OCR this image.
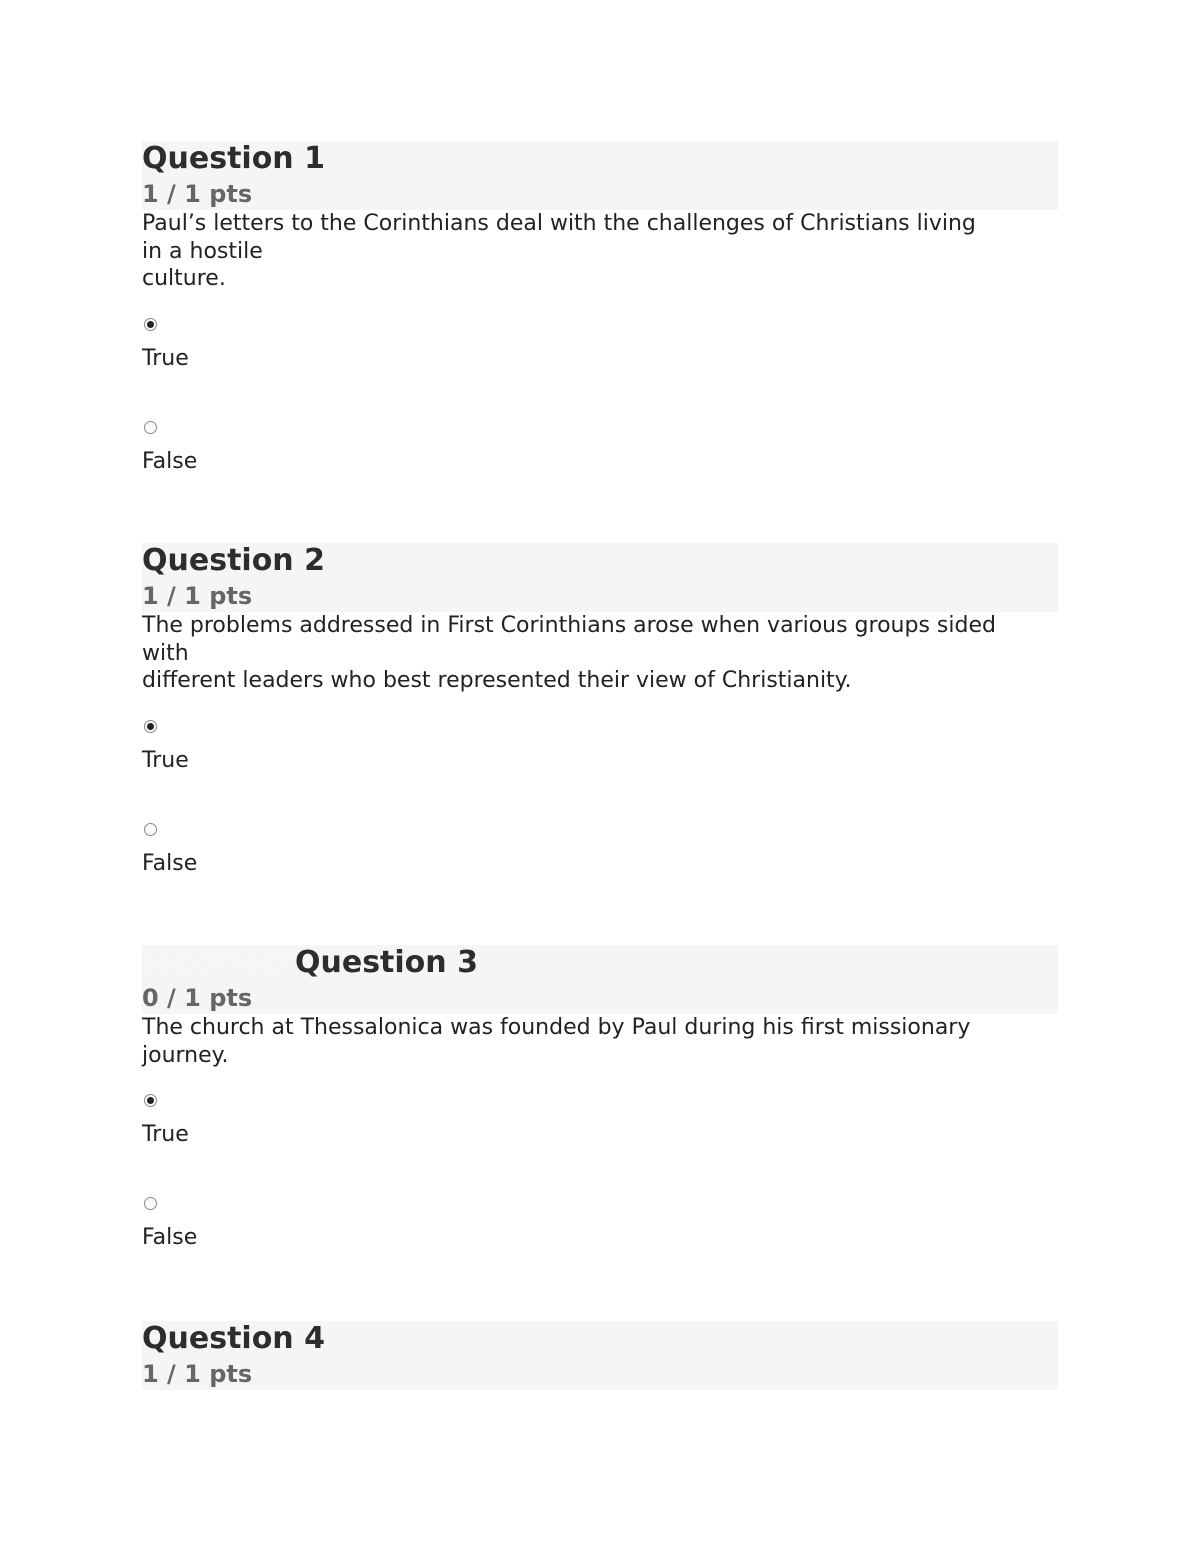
Question 1
1 / 1 pts
Paul’s letters to the Corinthians deal with the challenges of Christians living
in a hostile
culture.
True
False
Question 2
1 / 1 pts
The problems addressed in First Corinthians arose when various groups sided
with
different leaders who best represented their view of Christianity.
True
False
IncorrectQuestion 3
0 / 1 pts
The church at Thessalonica was founded by Paul during his first missionary
journey.
True
False
Question 4
1 / 1 pts
